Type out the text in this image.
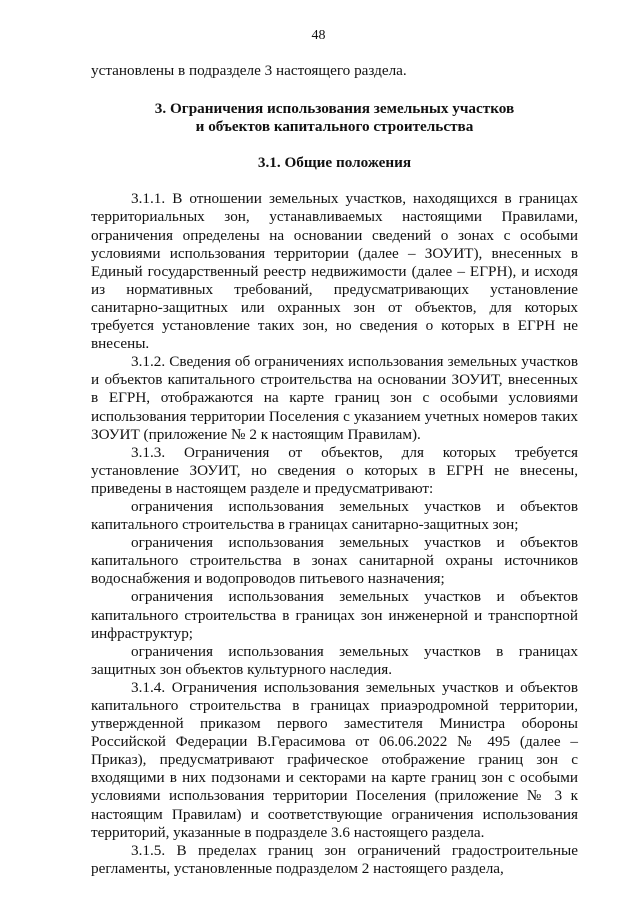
48

установлены в подразделе 3 настоящего раздела.

3. Ограничения использования земельных участков
и объектов капитального строительства
3.1. Общие положения

3.1.1. В отношении земельных участков, находящихся в границах территориальных зон, устанавливаемых настоящими Правилами, ограничения определены на основании сведений о зонах с особыми условиями использования территории (далее – ЗОУИТ), внесенных в Единый государственный реестр недвижимости (далее – ЕГРН), и исходя из нормативных требований, предусматривающих установление санитарно-защитных или охранных зон от объектов, для которых требуется установление таких зон, но сведения о которых в ЕГРН не внесены.

3.1.2. Сведения об ограничениях использования земельных участков и объектов капитального строительства на основании ЗОУИТ, внесенных в ЕГРН, отображаются на карте границ зон с особыми условиями использования территории Поселения с указанием учетных номеров таких ЗОУИТ (приложение № 2 к настоящим Правилам).

3.1.3. Ограничения от объектов, для которых требуется установление ЗОУИТ, но сведения о которых в ЕГРН не внесены, приведены в настоящем разделе и предусматривают:

ограничения использования земельных участков и объектов капитального строительства в границах санитарно-защитных зон;

ограничения использования земельных участков и объектов капитального строительства в зонах санитарной охраны источников водоснабжения и водопроводов питьевого назначения;

ограничения использования земельных участков и объектов капитального строительства в границах зон инженерной и транспортной инфраструктур;

ограничения использования земельных участков в границах защитных зон объектов культурного наследия.

3.1.4. Ограничения использования земельных участков и объектов капитального строительства в границах приаэродромной территории, утвержденной приказом первого заместителя Министра обороны Российской Федерации В.Герасимова от 06.06.2022 № 495 (далее – Приказ), предусматривают графическое отображение границ зон с входящими в них подзонами и секторами на карте границ зон с особыми условиями использования территории Поселения (приложение № 3 к настоящим Правилам) и соответствующие ограничения использования территорий, указанные в подразделе 3.6 настоящего раздела.

3.1.5. В пределах границ зон ограничений градостроительные регламенты, установленные подразделом 2 настоящего раздела,
